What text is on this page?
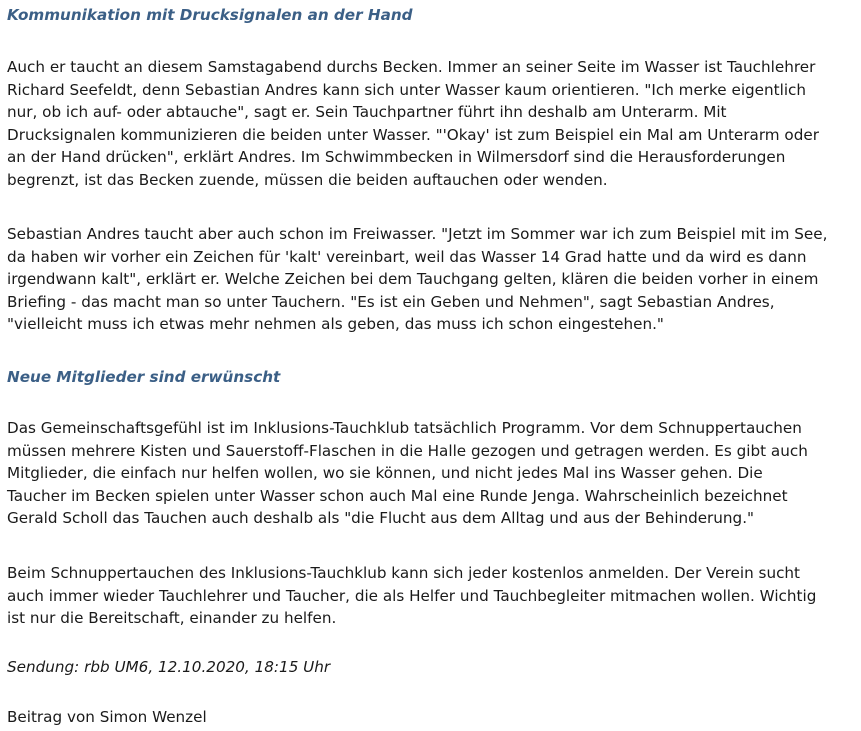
Kommunikation mit Drucksignalen an der Hand

Auch er taucht an diesem Samstagabend durchs Becken. Immer an seiner Seite im Wasser ist Tauchlehrer
Richard Seefeldt, denn Sebastian Andres kann sich unter Wasser kaum orientieren. "Ich merke eigentlich
nur, ob ich auf- oder abtauche", sagt er. Sein Tauchpartner führt ihn deshalb am Unterarm. Mit
Drucksignalen kommunizieren die beiden unter Wasser. "'Okay' ist zum Beispiel ein Mal am Unterarm oder
an der Hand drücken", erklärt Andres. Im Schwimmbecken in Wilmersdorf sind die Herausforderungen
begrenzt, ist das Becken zuende, müssen die beiden auftauchen oder wenden.

Sebastian Andres taucht aber auch schon im Freiwasser. "Jetzt im Sommer war ich zum Beispiel mit im See,
da haben wir vorher ein Zeichen für 'kalt' vereinbart, weil das Wasser 14 Grad hatte und da wird es dann
irgendwann kalt", erklärt er. Welche Zeichen bei dem Tauchgang gelten, klären die beiden vorher in einem
Briefing - das macht man so unter Tauchern. "Es ist ein Geben und Nehmen", sagt Sebastian Andres,
"vielleicht muss ich etwas mehr nehmen als geben, das muss ich schon eingestehen."

Neue Mitglieder sind erwünscht

Das Gemeinschaftsgefühl ist im Inklusions-Tauchklub tatsächlich Programm. Vor dem Schnuppertauchen
müssen mehrere Kisten und Sauerstoff-Flaschen in die Halle gezogen und getragen werden. Es gibt auch
Mitglieder, die einfach nur helfen wollen, wo sie können, und nicht jedes Mal ins Wasser gehen. Die
Taucher im Becken spielen unter Wasser schon auch Mal eine Runde Jenga. Wahrscheinlich bezeichnet
Gerald Scholl das Tauchen auch deshalb als "die Flucht aus dem Alltag und aus der Behinderung."

Beim Schnuppertauchen des Inklusions-Tauchklub kann sich jeder kostenlos anmelden. Der Verein sucht
auch immer wieder Tauchlehrer und Taucher, die als Helfer und Tauchbegleiter mitmachen wollen. Wichtig
ist nur die Bereitschaft, einander zu helfen.

Sendung: rbb UM6, 12.10.2020, 18:15 Uhr

Beitrag von Simon Wenzel
